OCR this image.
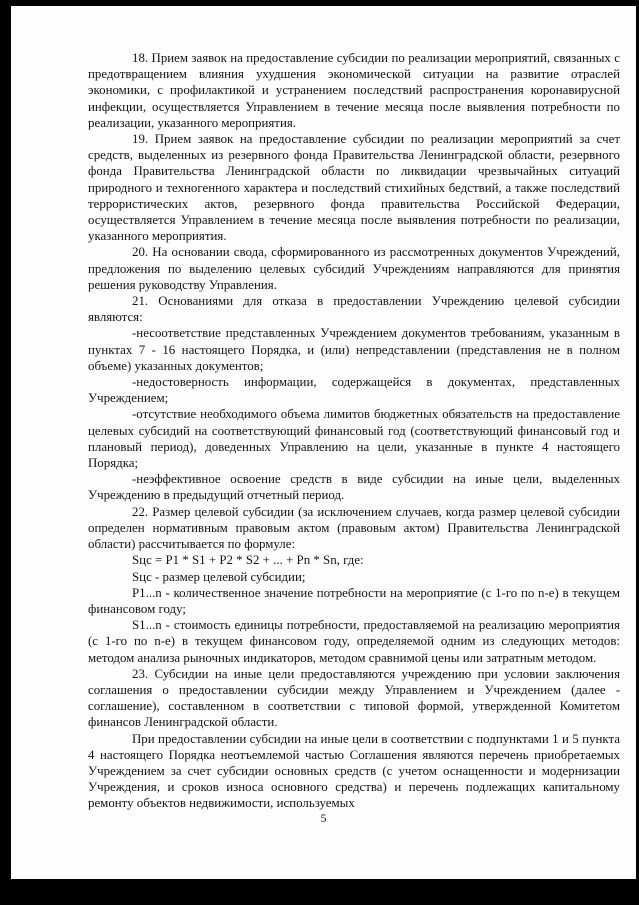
18. Прием заявок на предоставление субсидии по реализации мероприятий, связанных с предотвращением влияния ухудшения экономической ситуации на развитие отраслей экономики, с профилактикой и устранением последствий распространения коронавирусной инфекции, осуществляется Управлением в течение месяца после выявления потребности по реализации, указанного мероприятия.

19. Прием заявок на предоставление субсидии по реализации мероприятий за счет средств, выделенных из резервного фонда Правительства Ленинградской области, резервного фонда Правительства Ленинградской области по ликвидации чрезвычайных ситуаций природного и техногенного характера и последствий стихийных бедствий, а также последствий террористических актов, резервного фонда правительства Российской Федерации, осуществляется Управлением в течение месяца после выявления потребности по реализации, указанного мероприятия.

20. На основании свода, сформированного из рассмотренных документов Учреждений, предложения по выделению целевых субсидий Учреждениям направляются для принятия решения руководству Управления.

21. Основаниями для отказа в предоставлении Учреждению целевой субсидии являются:

-несоответствие представленных Учреждением документов требованиям, указанным в пунктах 7 - 16 настоящего Порядка, и (или) непредставлении (представления не в полном объеме) указанных документов;

-недостоверность информации, содержащейся в документах, представленных Учреждением;

-отсутствие необходимого объема лимитов бюджетных обязательств на предоставление целевых субсидий на соответствующий финансовый год (соответствующий финансовый год и плановый период), доведенных Управлению на цели, указанные в пункте 4 настоящего Порядка;

-неэффективное освоение средств в виде субсидии на иные цели, выделенных Учреждению в предыдущий отчетный период.

22. Размер целевой субсидии (за исключением случаев, когда размер целевой субсидии определен нормативным правовым актом (правовым актом) Правительства Ленинградской области) рассчитывается по формуле:

Sцс = P1 * S1 + P2 * S2 + ... + Pn * Sn, где:

Sцс - размер целевой субсидии;

P1...n - количественное значение потребности на мероприятие (с 1-го по n-е) в текущем финансовом году;

S1...n - стоимость единицы потребности, предоставляемой на реализацию мероприятия (с 1-го по n-е) в текущем финансовом году, определяемой одним из следующих методов: методом анализа рыночных индикаторов, методом сравнимой цены или затратным методом.

23. Субсидии на иные цели предоставляются учреждению при условии заключения соглашения о предоставлении субсидии между Управлением и Учреждением (далее - соглашение), составленном в соответствии с типовой формой, утвержденной Комитетом финансов Ленинградской области.

При предоставлении субсидии на иные цели в соответствии с подпунктами 1 и 5 пункта 4 настоящего Порядка неотъемлемой частью Соглашения являются перечень приобретаемых Учреждением за счет субсидии основных средств (с учетом оснащенности и модернизации Учреждения, и сроков износа основного средства) и перечень подлежащих капитальному ремонту объектов недвижимости, используемых

5
